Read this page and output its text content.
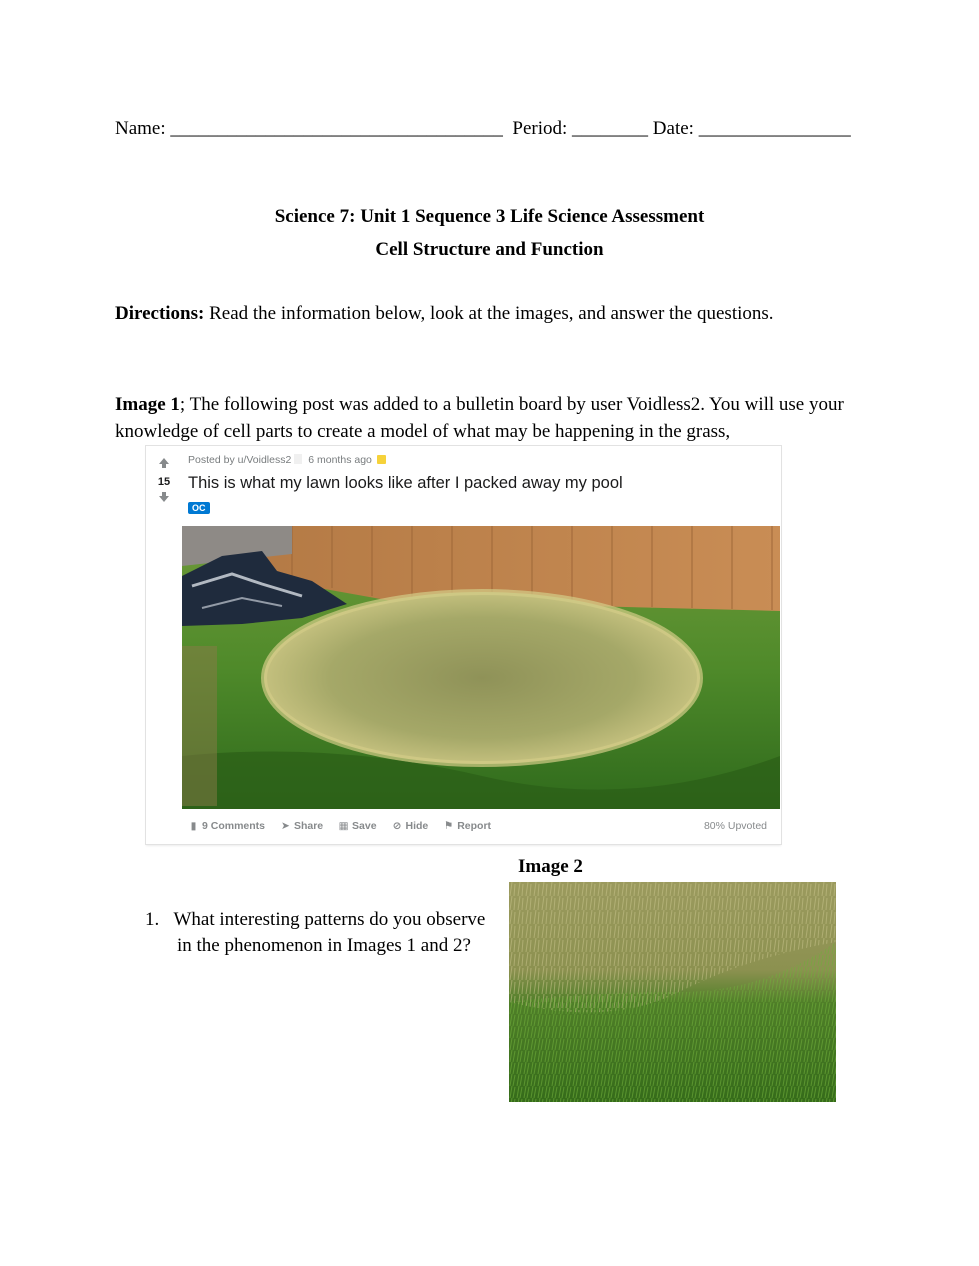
Name: ___________________________________ Period: ________ Date: ________________
Science 7: Unit 1 Sequence 3 Life Science Assessment
Cell Structure and Function
Directions: Read the information below, look at the images, and answer the questions.
Image 1; The following post was added to a bulletin board by user Voidless2. You will use your
knowledge of cell parts to create a model of what may be happening in the grass,
15
Posted by u/Voidless2 6 months ago
This is what my lawn looks like after I packed away my pool
OC
▮ 9 Comments ➤ Share ▦ Save ⊘ Hide ⚑ Report	80% Upvoted
Image 2
1. What interesting patterns do you observe
in the phenomenon in Images 1 and 2?
